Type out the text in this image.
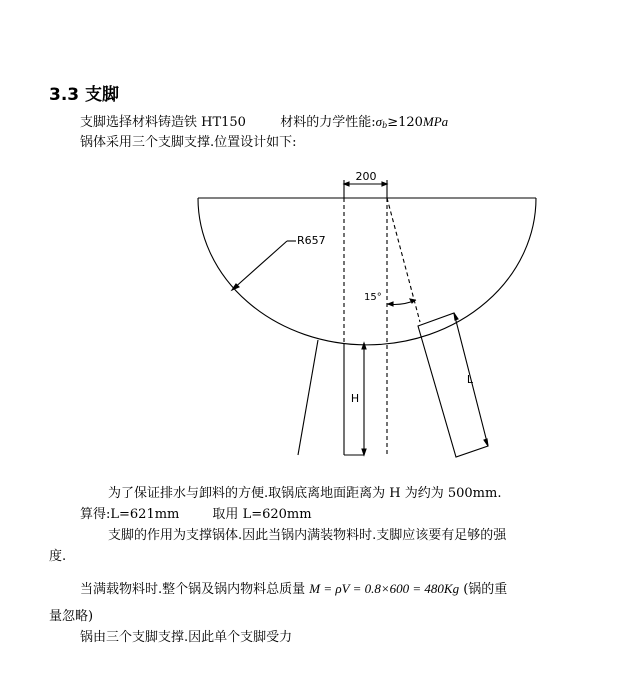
3.3 支脚
支脚选择材料铸造铁 HT150	材料的力学性能$:\sigma_b\ge 120MPa$
锅体采用三个支脚支撑.位置设计如下:
200
R657
15°
H
L
为了保证排水与卸料的方便.取锅底离地面距离为 H 为约为 500mm.
算得:L=621mm        取用 L=620mm
支脚的作用为支撑锅体.因此当锅内满装物料时.支脚应该要有足够的强
度.
当满载物料时.整个锅及锅内物料总质量 M = ρV = 0.8×600 = 480Kg (锅的重
量忽略)
锅由三个支脚支撑.因此单个支脚受力
